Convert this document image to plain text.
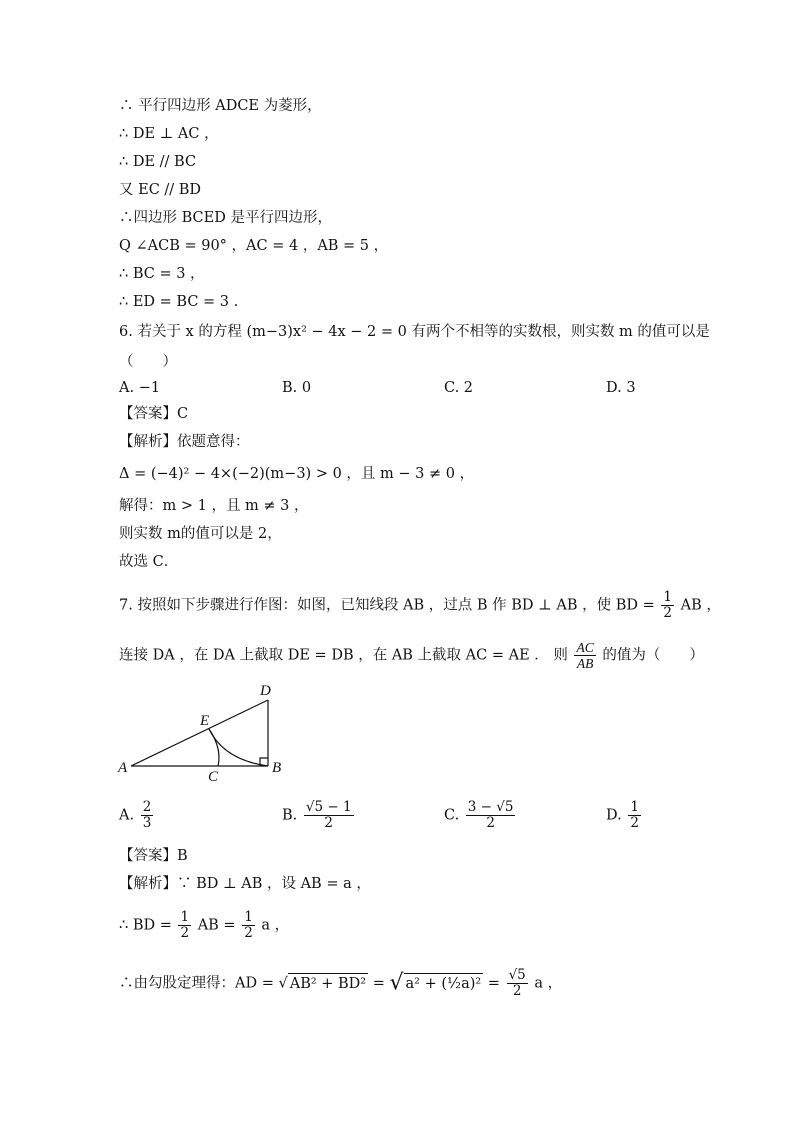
∴ 平行四边形 ADCE 为菱形，
∴ DE ⊥ AC ，
∴ DE // BC
又 EC // BD
∴四边形 BCED 是平行四边形，
Q ∠ACB = 90° ，AC = 4 ，AB = 5 ，
∴ BC = 3 ，
∴ ED = BC = 3 .
6. 若关于 x 的方程 (m−3)x² − 4x − 2 = 0 有两个不相等的实数根，则实数 m 的值可以是
（　　）
A. −1	B. 0	C. 2	D. 3
【答案】C
【解析】依题意得：
Δ = (−4)² − 4×(−2)(m−3) > 0 ，且 m − 3 ≠ 0 ，
解得：m > 1 ，且 m ≠ 3 ，
则实数 m的值可以是 2，
故选 C．
7. 按照如下步骤进行作图：如图，已知线段 AB ，过点 B 作 BD ⊥ AB ，使 BD = $\frac{1}{2}$ AB ，
连接 DA ，在 DA 上截取 DE = DB ，在 AB 上截取 AC = AE ． 则 $\frac{AC}{AB}$ 的值为（　　）
A	B
C
D
E
A. $\frac{2}{3}$	B. $\frac{√5 - 1}{2}$	C. $\frac{3 - √5}{2}$	D. $\frac{1}{2}$
【答案】B
【解析】∵ BD ⊥ AB ，设 AB = a ，
∴ BD = $\frac{1}{2}$ AB = $\frac{1}{2}$ a ，
∴由勾股定理得：AD = √ AB² + BD² = √ a² + (½a)² = $\frac{√5}{2}$ a ，
